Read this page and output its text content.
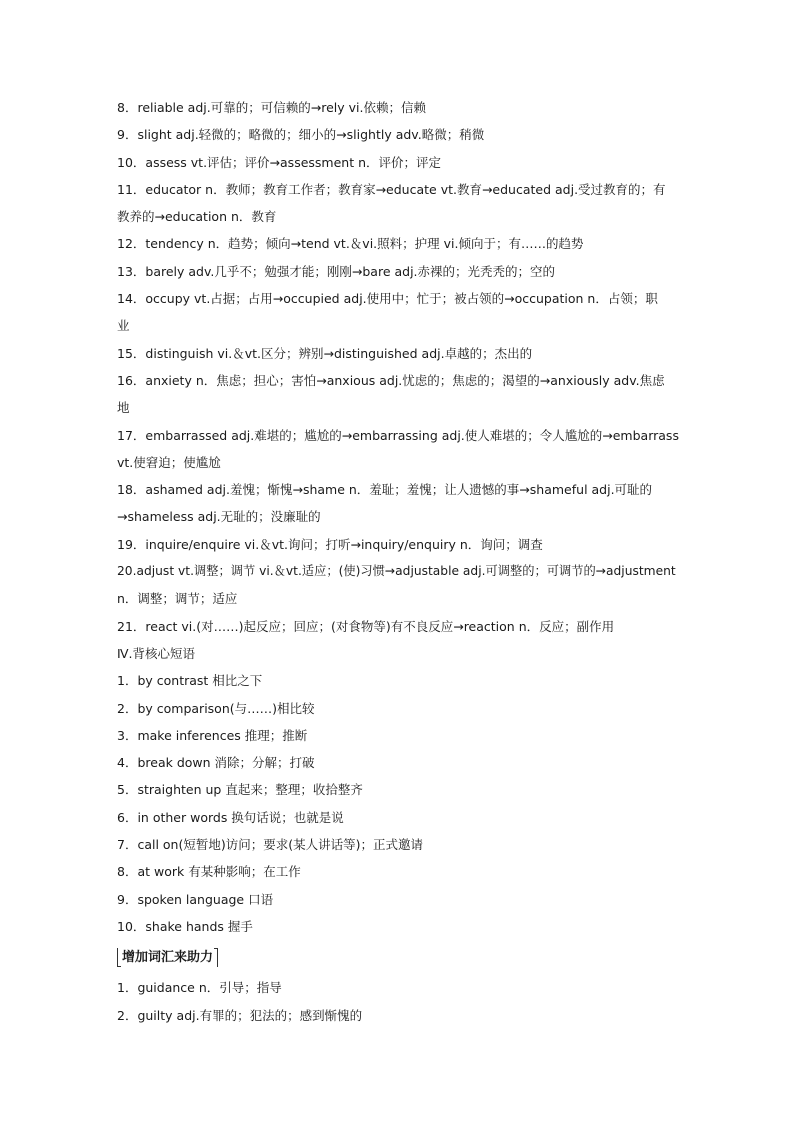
8．reliable adj.可靠的；可信赖的→rely vi.依赖；信赖
9．slight adj.轻微的；略微的；细小的→slightly adv.略微；稍微
10．assess vt.评估；评价→assessment n．评价；评定
11．educator n．教师；教育工作者；教育家→educate vt.教育→educated adj.受过教育的；有
教养的→education n．教育
12．tendency n．趋势；倾向→tend vt.＆vi.照料；护理 vi.倾向于；有……的趋势
13．barely adv.几乎不；勉强才能；刚刚→bare adj.赤裸的；光秃秃的；空的
14．occupy vt.占据；占用→occupied adj.使用中；忙于；被占领的→occupation n．占领；职
业
15．distinguish vi.＆vt.区分；辨别→distinguished adj.卓越的；杰出的
16．anxiety n．焦虑；担心；害怕→anxious adj.忧虑的；焦虑的；渴望的→anxiously adv.焦虑
地
17．embarrassed adj.难堪的；尴尬的→embarrassing adj.使人难堪的；令人尴尬的→embarrass
vt.使窘迫；使尴尬
18．ashamed adj.羞愧；惭愧→shame n．羞耻；羞愧；让人遗憾的事→shameful adj.可耻的
→shameless adj.无耻的；没廉耻的
19．inquire/enquire vi.＆vt.询问；打听→inquiry/enquiry n．询问；调查
20.adjust vt.调整；调节 vi.＆vt.适应；(使)习惯→adjustable adj.可调整的；可调节的→adjustment
n．调整；调节；适应
21．react vi.(对……)起反应；回应；(对食物等)有不良反应→reaction n．反应；副作用
Ⅳ.背核心短语
1．by contrast 相比之下
2．by comparison(与……)相比较
3．make inferences 推理；推断
4．break down 消除；分解；打破
5．straighten up 直起来；整理；收拾整齐
6．in other words 换句话说；也就是说
7．call on(短暂地)访问；要求(某人讲话等)；正式邀请
8．at work 有某种影响；在工作
9．spoken language 口语
10．shake hands 握手
增加词汇来助力
1．guidance n．引导；指导
2．guilty adj.有罪的；犯法的；感到惭愧的
